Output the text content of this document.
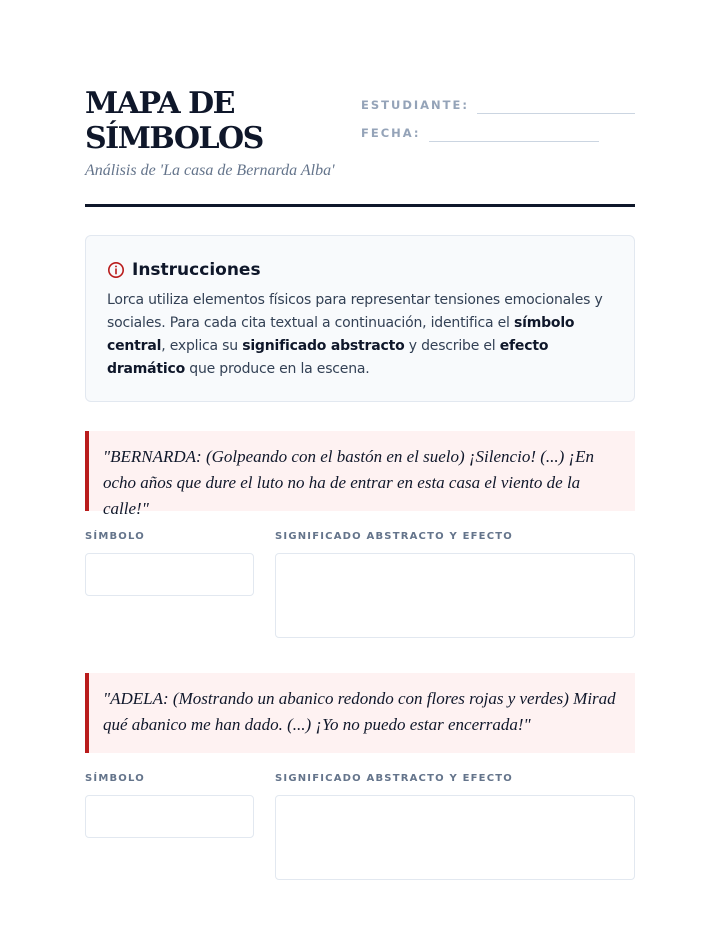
MAPA DE
SÍMBOLOS
Análisis de 'La casa de Bernarda Alba'
ESTUDIANTE:
FECHA:
Instrucciones

Lorca utiliza elementos físicos para representar tensiones emocionales y sociales. Para cada cita textual a continuación, identifica el símbolo central, explica su significado abstracto y describe el efecto dramático que produce en la escena.

"BERNARDA: (Golpeando con el bastón en el suelo) ¡Silencio! (...) ¡En ocho años que dure el luto no ha de entrar en esta casa el viento de la calle!"
SÍMBOLO	SIGNIFICADO ABSTRACTO Y EFECTO
"ADELA: (Mostrando un abanico redondo con flores rojas y verdes) Mirad qué abanico me han dado. (...) ¡Yo no puedo estar encerrada!"
SÍMBOLO	SIGNIFICADO ABSTRACTO Y EFECTO
